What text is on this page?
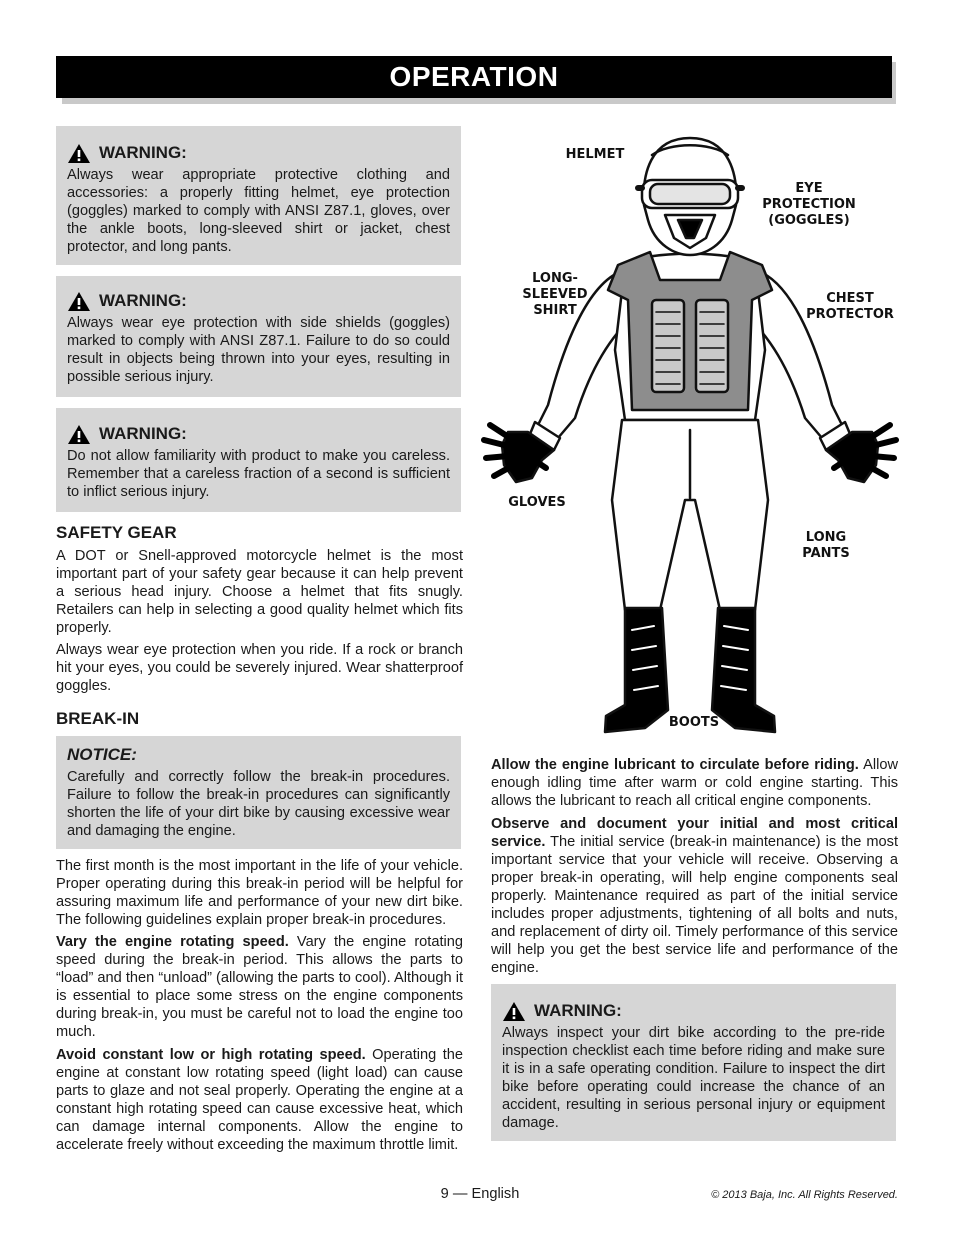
OPERATION
WARNING:
Always wear appropriate protective clothing and accessories: a properly fitting helmet, eye protection (goggles) marked to comply with ANSI Z87.1, gloves, over the ankle boots, long-sleeved shirt or jacket, chest protector, and long pants.
WARNING:
Always wear eye protection with side shields (goggles) marked to comply with ANSI Z87.1. Failure to do so could result in objects being thrown into your eyes, resulting in possible serious injury.
WARNING:
Do not allow familiarity with product to make you careless. Remember that a careless fraction of a second is sufficient to inflict serious injury.
SAFETY GEAR
A DOT or Snell-approved motorcycle helmet is the most important part of your safety gear because it can help prevent a serious head injury. Choose a helmet that fits snugly. Retailers can help in selecting a good quality helmet which fits properly.
Always wear eye protection when you ride. If a rock or branch hit your eyes, you could be severely injured. Wear shatterproof goggles.
BREAK-IN
NOTICE:
Carefully and correctly follow the break-in procedures. Failure to follow the break-in procedures can significantly shorten the life of your dirt bike by causing excessive wear and damaging the engine.
The first month is the most important in the life of your vehicle. Proper operating during this break-in period will be helpful for assuring maximum life and performance of your new dirt bike. The following guidelines explain proper break-in procedures.
Vary the engine rotating speed. Vary the engine rotating speed during the break-in period. This allows the parts to “load” and then “unload” (allowing the parts to cool). Although it is essential to place some stress on the engine components during break-in, you must be careful not to load the engine too much.
Avoid constant low or high rotating speed. Operating the engine at constant low rotating speed (light load) can cause parts to glaze and not seal properly. Operating the engine at a constant high rotating speed can cause excessive heat, which can damage internal components. Allow the engine to accelerate freely without exceeding the maximum throttle limit.
Allow the engine lubricant to circulate before riding. Allow enough idling time after warm or cold engine starting. This allows the lubricant to reach all critical engine components.
Observe and document your initial and most critical service. The initial service (break-in maintenance) is the most important service that your vehicle will receive. Observing a proper break-in operating, will help engine components seal properly. Maintenance required as part of the initial service includes proper adjustments, tightening of all bolts and nuts, and replacement of dirty oil. Timely performance of this service will help you get the best service life and performance of the engine.
WARNING:
Always inspect your dirt bike according to the pre-ride inspection checklist each time before riding and make sure it is in a safe operating condition. Failure to inspect the dirt bike before operating could increase the chance of an accident, resulting in serious personal injury or equipment damage.
HELMET
EYE PROTECTION (GOGGLES)
LONG-SLEEVED SHIRT
CHEST PROTECTOR
GLOVES
LONG PANTS
BOOTS
9 — English	© 2013 Baja, Inc. All Rights Reserved.
